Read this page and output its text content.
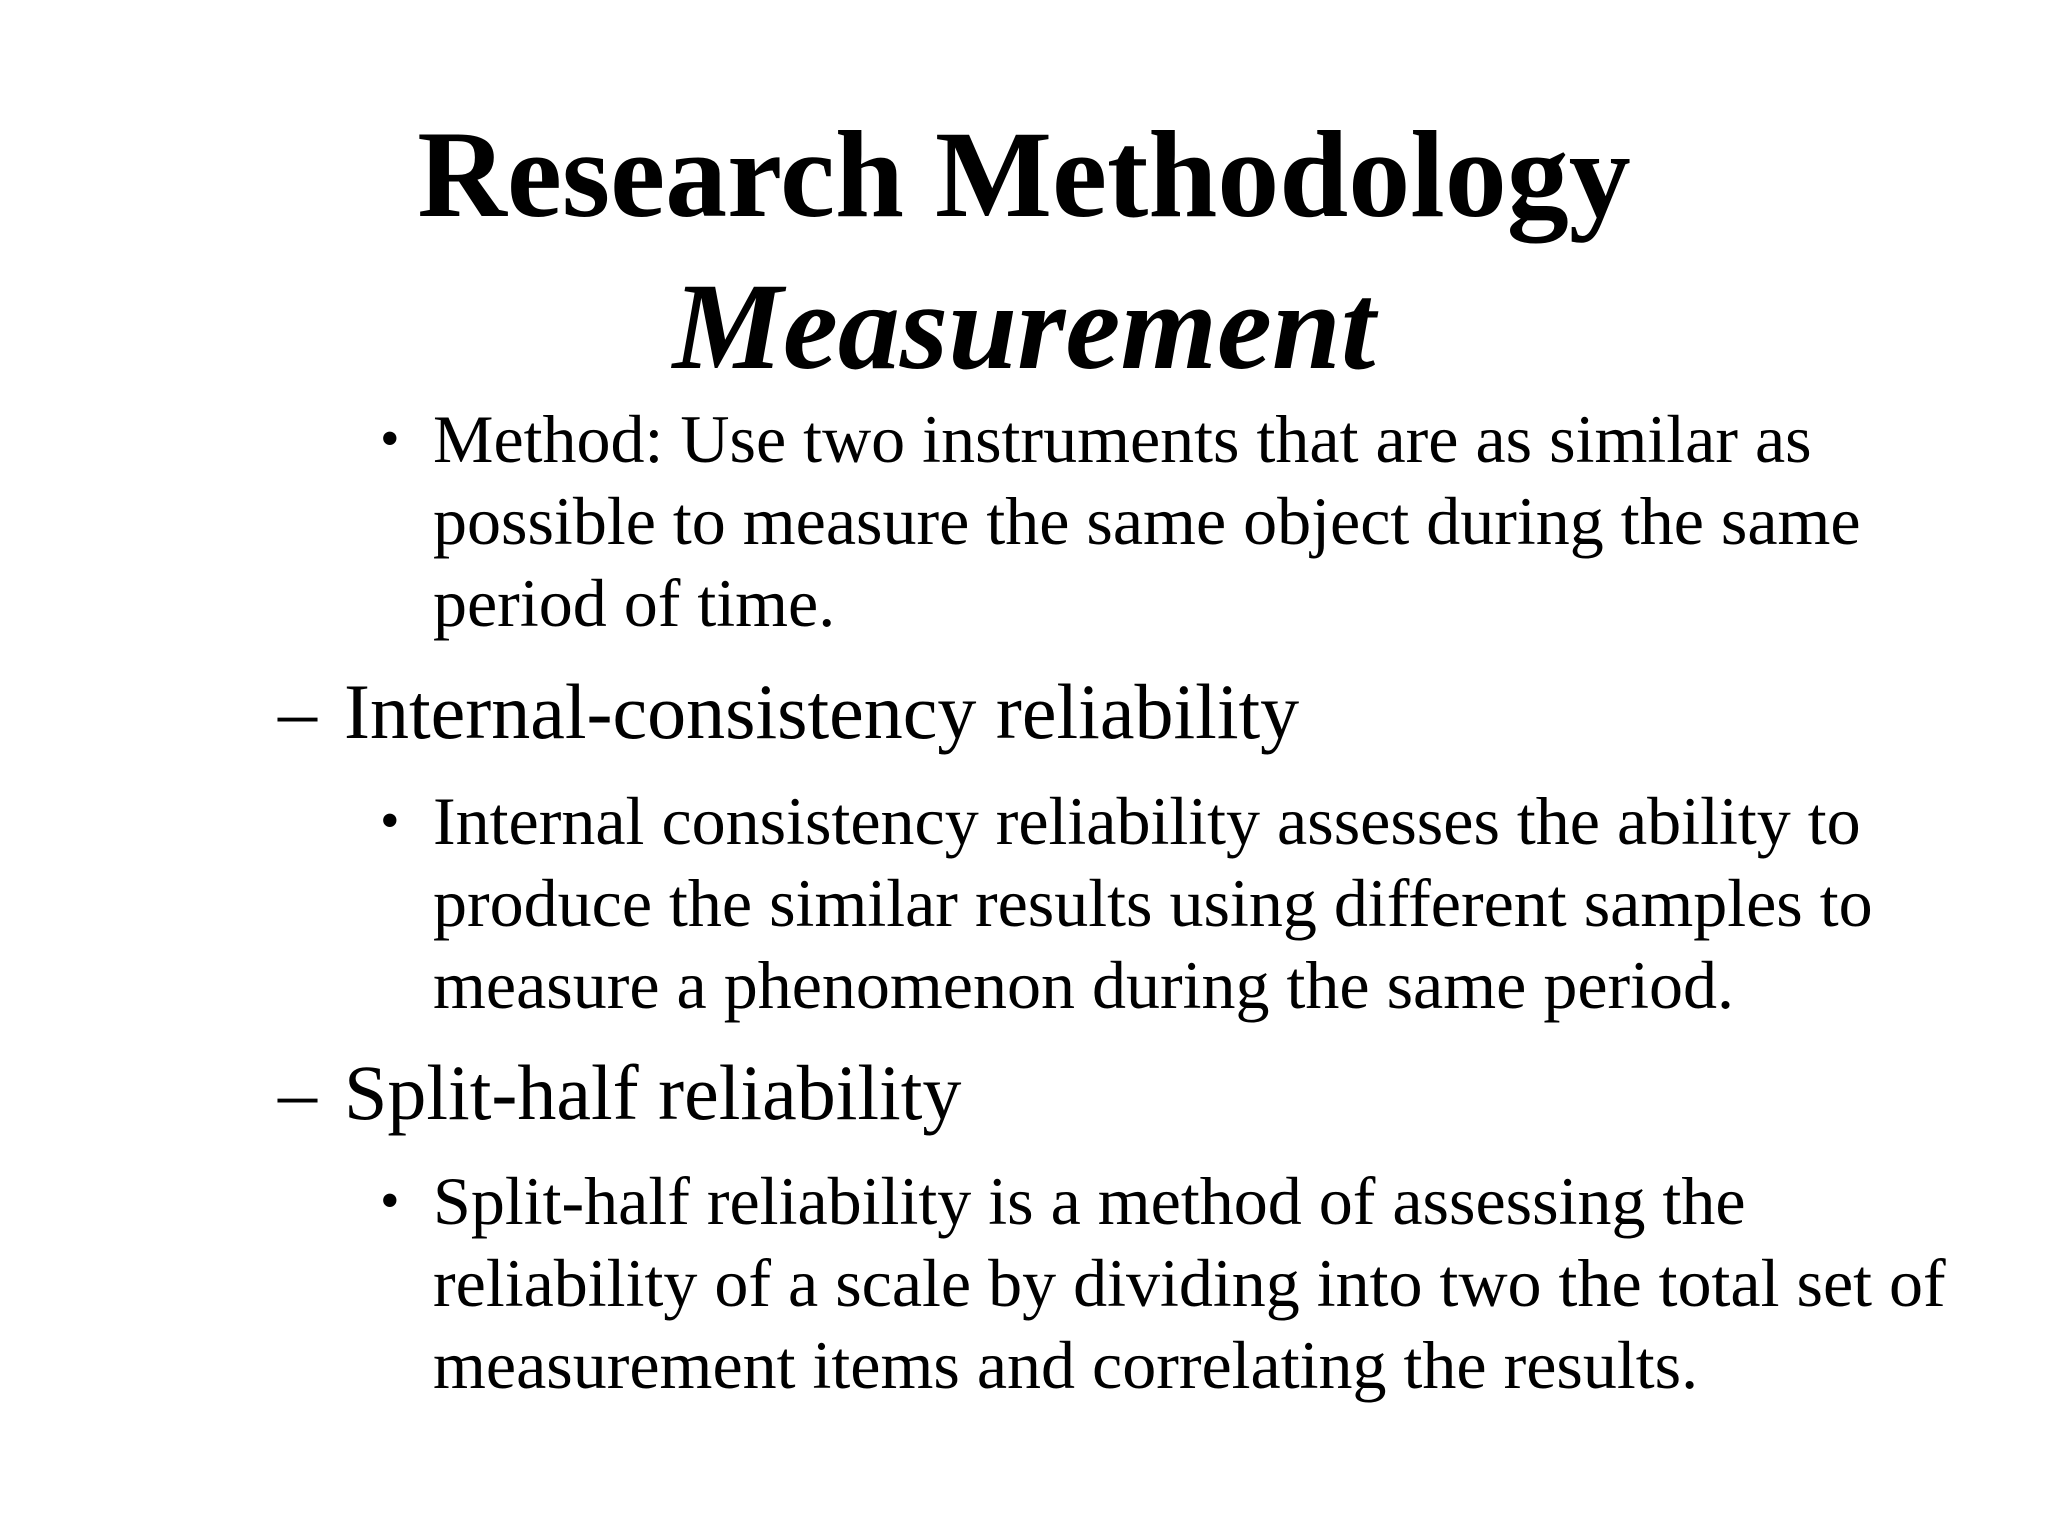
Research Methodology
Measurement
• Method: Use two instruments that are as similar as possible to measure the same object during the same period of time.

– Internal-consistency reliability
• Internal consistency reliability assesses the ability to produce the similar results using different samples to measure a phenomenon during the same period.

– Split-half reliability
• Split-half reliability is a method of assessing the reliability of a scale by dividing into two the total set of measurement items and correlating the results.
